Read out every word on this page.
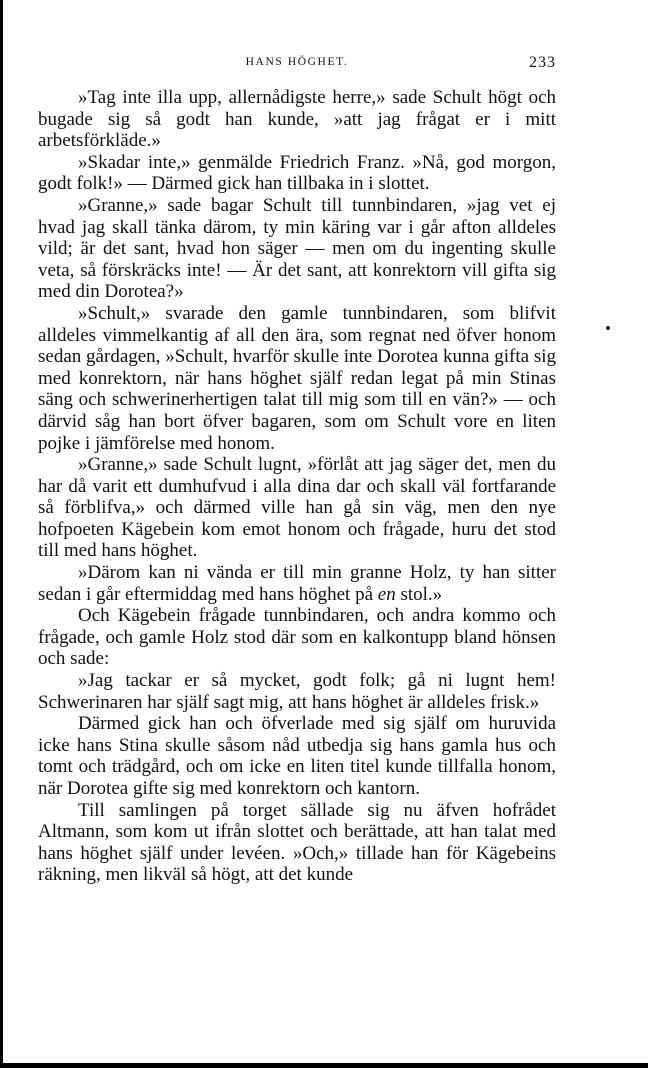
HANS HÖGHET.	233

»Tag inte illa upp, allernådigste herre,» sade Schult högt och bugade sig så godt han kunde, »att jag frågat er i mitt arbetsförkläde.»

»Skadar inte,» genmälde Friedrich Franz. »Nå, god morgon, godt folk!» — Därmed gick han tillbaka in i slottet.

»Granne,» sade bagar Schult till tunnbindaren, »jag vet ej hvad jag skall tänka därom, ty min käring var i går afton alldeles vild; är det sant, hvad hon säger — men om du ingenting skulle veta, så förskräcks inte! — Är det sant, att konrektorn vill gifta sig med din Dorotea?»

»Schult,» svarade den gamle tunnbindaren, som blifvit alldeles vimmelkantig af all den ära, som regnat ned öfver honom sedan gårdagen, »Schult, hvarför skulle inte Dorotea kunna gifta sig med konrektorn, när hans höghet själf redan legat på min Stinas säng och schwerinerhertigen talat till mig som till en vän?» — och därvid såg han bort öfver bagaren, som om Schult vore en liten pojke i jämförelse med honom.

»Granne,» sade Schult lugnt, »förlåt att jag säger det, men du har då varit ett dumhufvud i alla dina dar och skall väl fortfarande så förblifva,» och därmed ville han gå sin väg, men den nye hofpoeten Kägebein kom emot honom och frågade, huru det stod till med hans höghet.

»Därom kan ni vända er till min granne Holz, ty han sitter sedan i går eftermiddag med hans höghet på en stol.»

Och Kägebein frågade tunnbindaren, och andra kommo och frågade, och gamle Holz stod där som en kalkontupp bland hönsen och sade:

»Jag tackar er så mycket, godt folk; gå ni lugnt hem! Schwerinaren har själf sagt mig, att hans höghet är alldeles frisk.»

Därmed gick han och öfverlade med sig själf om huruvida icke hans Stina skulle såsom nåd utbedja sig hans gamla hus och tomt och trädgård, och om icke en liten titel kunde tillfalla honom, när Dorotea gifte sig med konrektorn och kantorn.

Till samlingen på torget sällade sig nu äfven hofrådet Altmann, som kom ut ifrån slottet och berättade, att han talat med hans höghet själf under levéen. »Och,» tillade han för Kägebeins räkning, men likväl så högt, att det kunde
